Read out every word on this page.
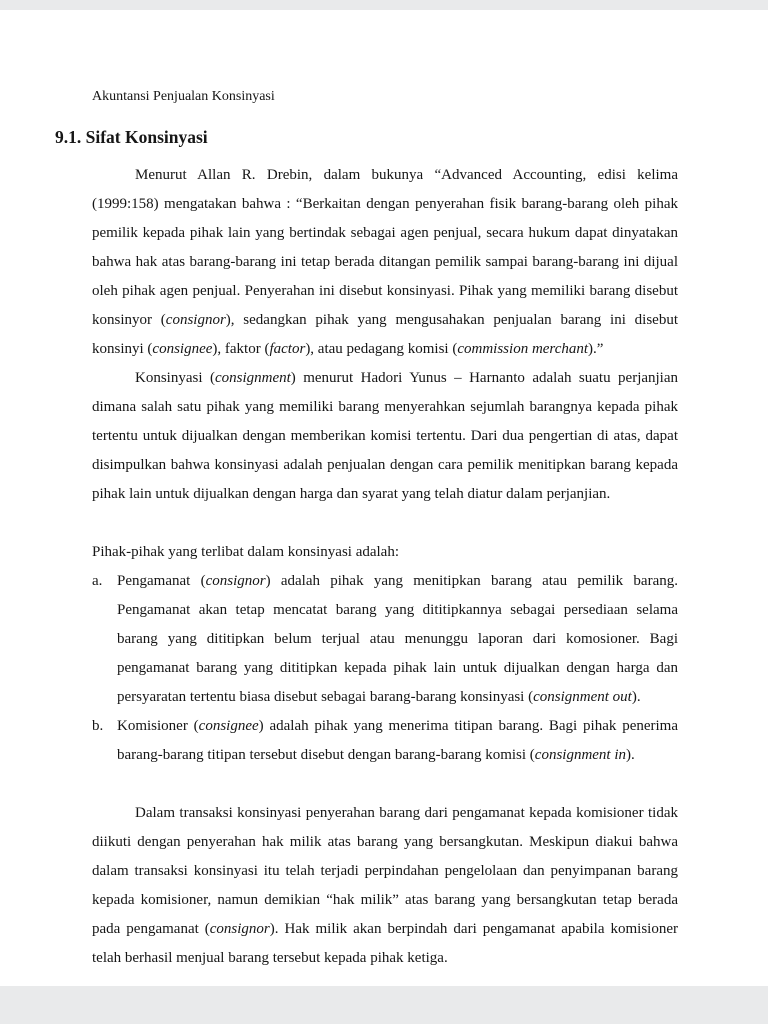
Akuntansi Penjualan Konsinyasi

9.1. Sifat Konsinyasi

Menurut Allan R. Drebin, dalam bukunya “Advanced Accounting, edisi kelima (1999:158) mengatakan bahwa : “Berkaitan dengan penyerahan fisik barang-barang oleh pihak pemilik kepada pihak lain yang bertindak sebagai agen penjual, secara hukum dapat dinyatakan bahwa hak atas barang-barang ini tetap berada ditangan pemilik sampai barang-barang ini dijual oleh pihak agen penjual. Penyerahan ini disebut konsinyasi. Pihak yang memiliki barang disebut konsinyor (consignor), sedangkan pihak yang mengusahakan penjualan barang ini disebut konsinyi (consignee), faktor (factor), atau pedagang komisi (commission merchant).”

Konsinyasi (consignment) menurut Hadori Yunus – Harnanto adalah suatu perjanjian dimana salah satu pihak yang memiliki barang menyerahkan sejumlah barangnya kepada pihak tertentu untuk dijualkan dengan memberikan komisi tertentu. Dari dua pengertian di atas, dapat disimpulkan bahwa konsinyasi adalah penjualan dengan cara pemilik menitipkan barang kepada pihak lain untuk dijualkan dengan harga dan syarat yang telah diatur dalam perjanjian.

Pihak-pihak yang terlibat dalam konsinyasi adalah:

a. Pengamanat (consignor) adalah pihak yang menitipkan barang atau pemilik barang. Pengamanat akan tetap mencatat barang yang dititipkannya sebagai persediaan selama barang yang dititipkan belum terjual atau menunggu laporan dari komosioner. Bagi pengamanat barang yang dititipkan kepada pihak lain untuk dijualkan dengan harga dan persyaratan tertentu biasa disebut sebagai barang-barang konsinyasi (consignment out).
b. Komisioner (consignee) adalah pihak yang menerima titipan barang. Bagi pihak penerima barang-barang titipan tersebut disebut dengan barang-barang komisi (consignment in).

Dalam transaksi konsinyasi penyerahan barang dari pengamanat kepada komisioner tidak diikuti dengan penyerahan hak milik atas barang yang bersangkutan. Meskipun diakui bahwa dalam transaksi konsinyasi itu telah terjadi perpindahan pengelolaan dan penyimpanan barang kepada komisioner, namun demikian “hak milik” atas barang yang bersangkutan tetap berada pada pengamanat (consignor). Hak milik akan berpindah dari pengamanat apabila komisioner telah berhasil menjual barang tersebut kepada pihak ketiga.
